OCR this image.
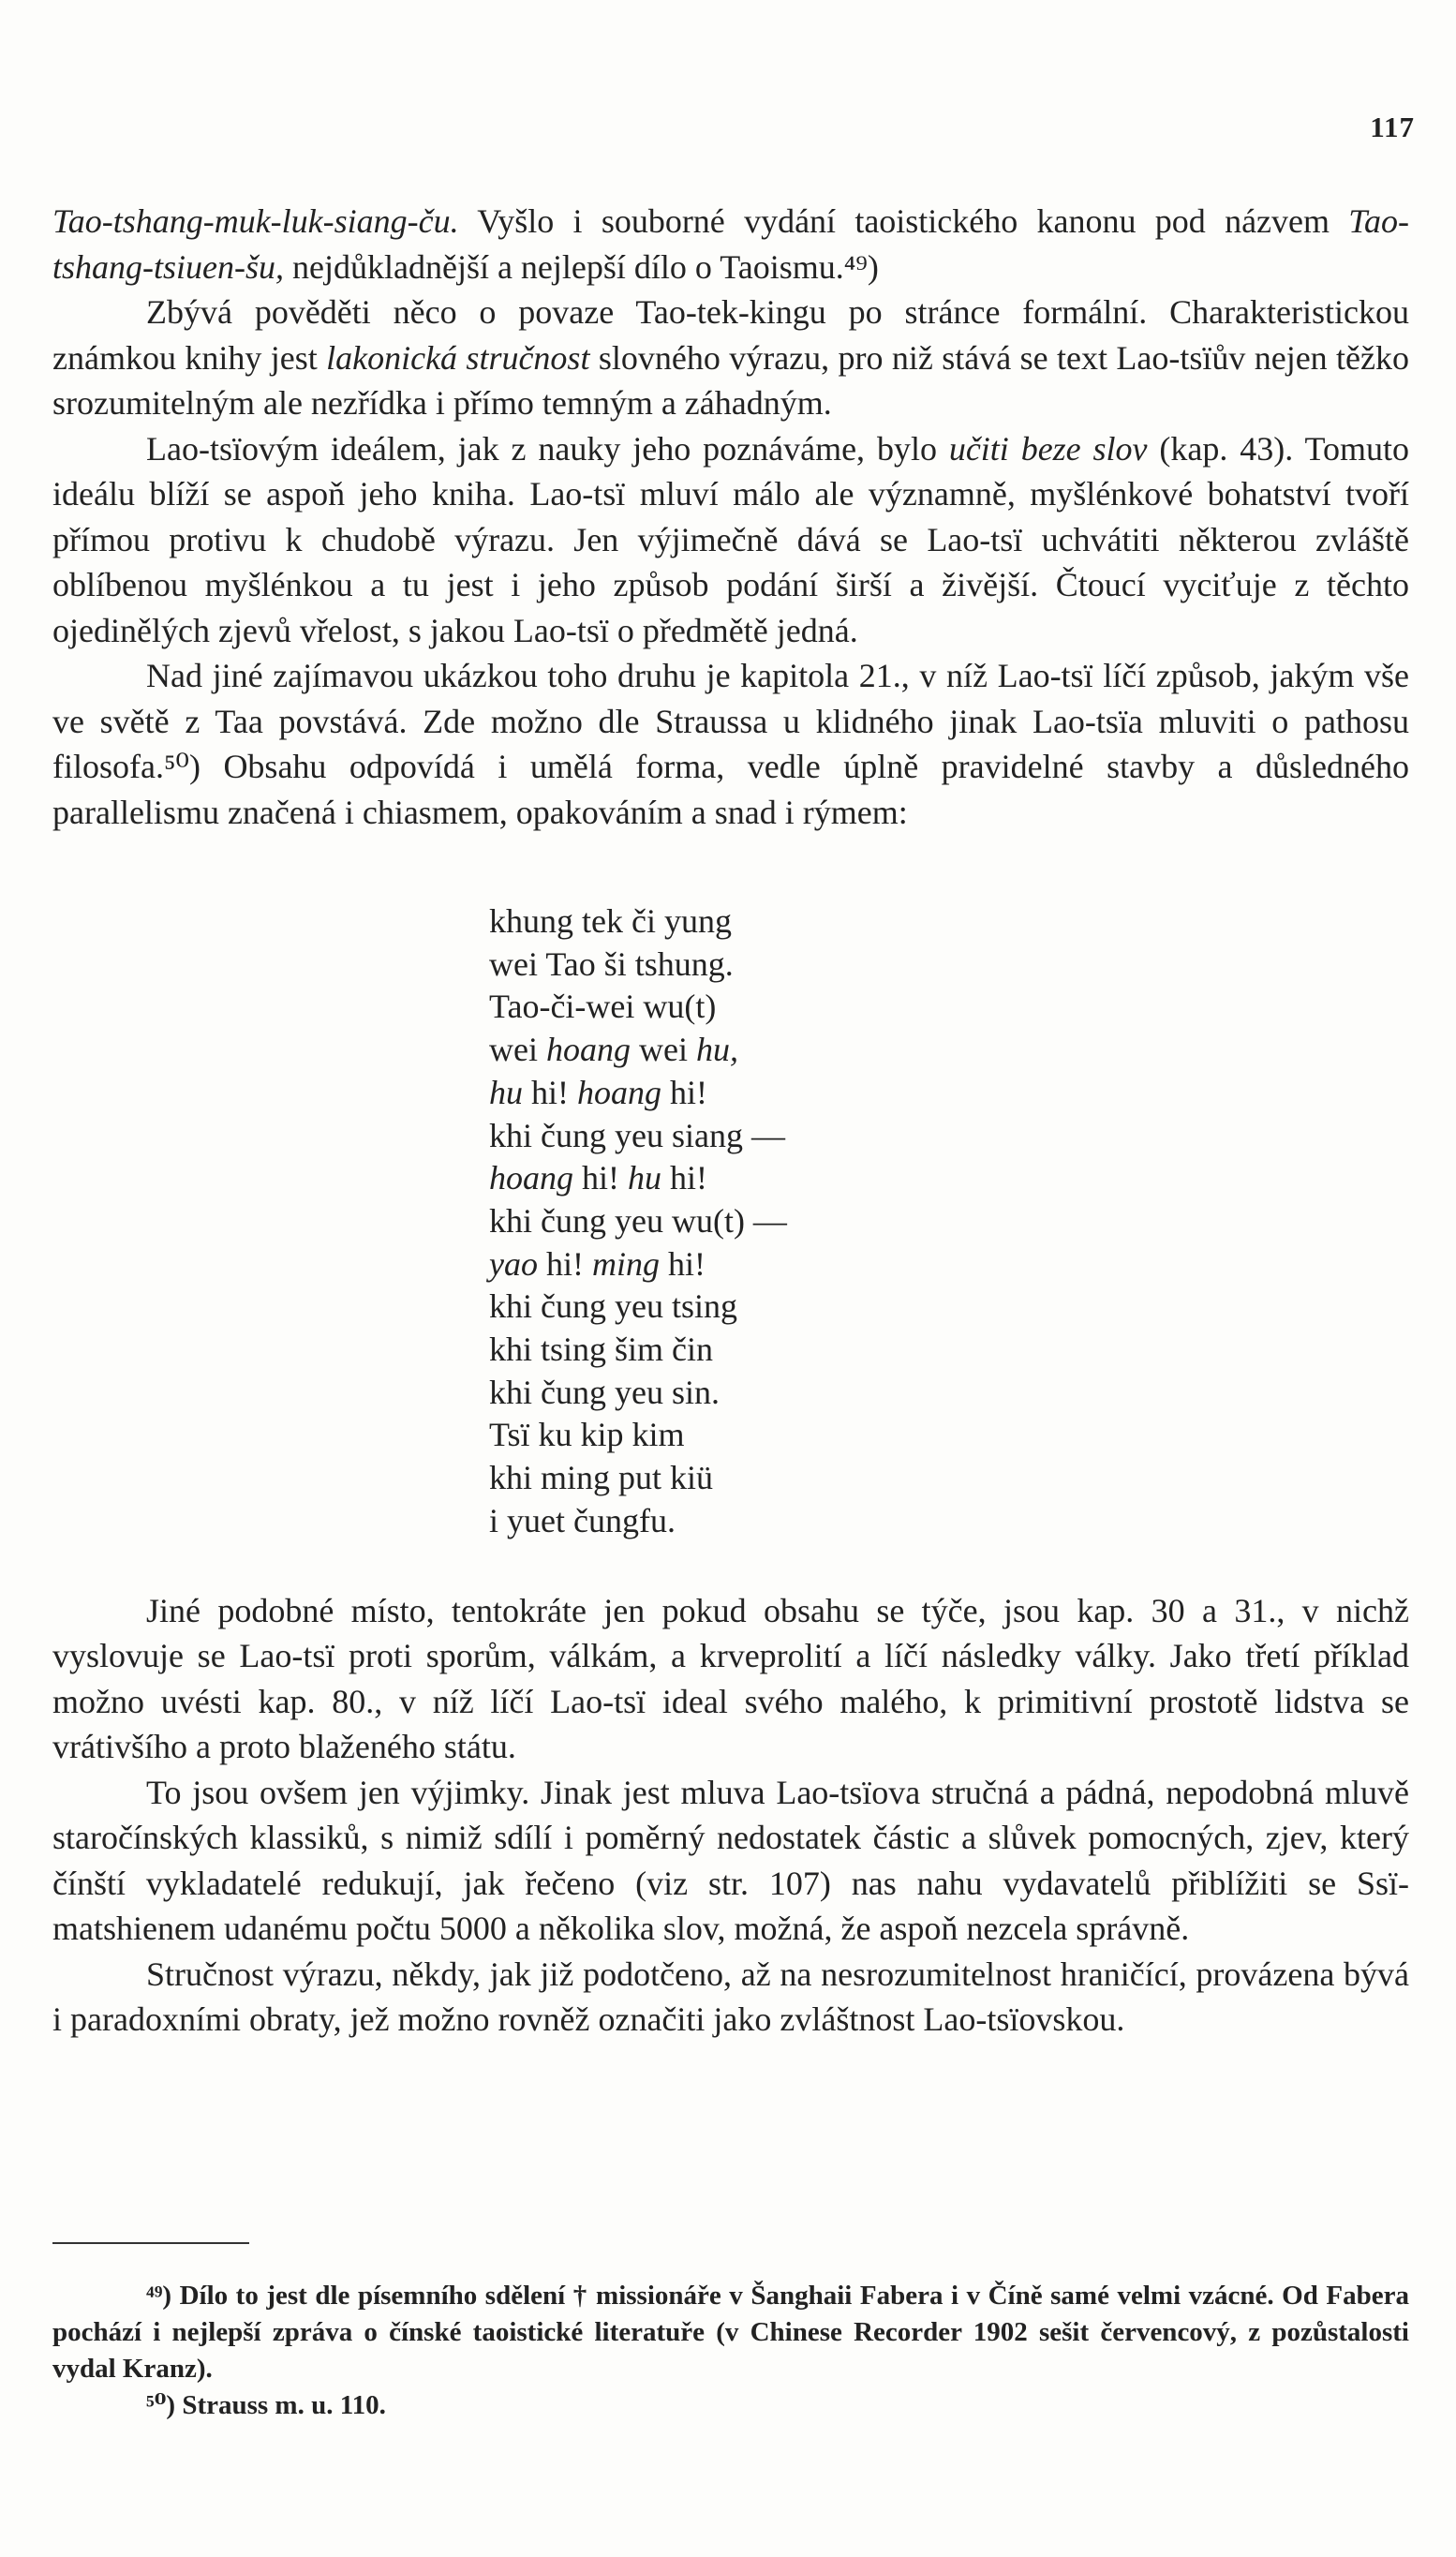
117

Tao-tshang-muk-luk-siang-ču. Vyšlo i souborné vydání taoistického kanonu pod názvem Tao-tshang-tsiuen-šu, nejdůkladnější a nejlepší dílo o Taoismu.⁴⁹)

Zbývá pověděti něco o povaze Tao-tek-kingu po stránce formální. Charakteristickou známkou knihy jest lakonická stručnost slovného výrazu, pro niž stává se text Lao-tsïův nejen těžko srozumitelným ale nezřídka i přímo temným a záhadným.

Lao-tsïovým ideálem, jak z nauky jeho poznáváme, bylo učiti beze slov (kap. 43). Tomuto ideálu blíží se aspoň jeho kniha. Lao-tsï mluví málo ale významně, myšlénkové bohatství tvoří přímou protivu k chudobě výrazu. Jen výjimečně dává se Lao-tsï uchvátiti některou zvláště oblíbenou myšlénkou a tu jest i jeho způsob podání širší a živější. Čtoucí vyciťuje z těchto ojedinělých zjevů vřelost, s jakou Lao-tsï o předmětě jedná.

Nad jiné zajímavou ukázkou toho druhu je kapitola 21., v níž Lao-tsï líčí způsob, jakým vše ve světě z Taa povstává. Zde možno dle Straussa u klidného jinak Lao-tsïa mluviti o pathosu filosofa.⁵⁰) Obsahu odpovídá i umělá forma, vedle úplně pravidelné stavby a důsledného parallelismu značená i chiasmem, opakováním a snad i rýmem:

khung tek či yung
wei Tao ši tshung.
Tao-či-wei wu(t)
wei hoang wei hu,
hu hi! hoang hi!
khi čung yeu siang —
hoang hi! hu hi!
khi čung yeu wu(t) —
yao hi! ming hi!
khi čung yeu tsing
khi tsing šim čin
khi čung yeu sin.
Tsï ku kip kim
khi ming put kiü
i yuet čungfu.

Jiné podobné místo, tentokráte jen pokud obsahu se týče, jsou kap. 30 a 31., v nichž vyslovuje se Lao-tsï proti sporům, válkám, a krveprolití a líčí následky války. Jako třetí příklad možno uvésti kap. 80., v níž líčí Lao-tsï ideal svého malého, k primitivní prostotě lidstva se vrátivšího a proto blaženého státu.

To jsou ovšem jen výjimky. Jinak jest mluva Lao-tsïova stručná a pádná, nepodobná mluvě staročínských klassiků, s nimiž sdílí i poměrný nedostatek částic a slůvek pomocných, zjev, který čínští vykladatelé redukují, jak řečeno (viz str. 107) nas nahu vydavatelů přiblížiti se Ssï-matshienem udanému počtu 5000 a několika slov, možná, že aspoň nezcela správně.

Stručnost výrazu, někdy, jak již podotčeno, až na nesrozumitelnost hraničící, provázena bývá i paradoxními obraty, jež možno rovněž označiti jako zvláštnost Lao-tsïovskou.

⁴⁹) Dílo to jest dle písemního sdělení † missionáře v Šanghaii Fabera i v Číně samé velmi vzácné. Od Fabera pochází i nejlepší zpráva o čínské taoistické literatuře (v Chinese Recorder 1902 sešit červencový, z pozůstalosti vydal Kranz).

⁵⁰) Strauss m. u. 110.
